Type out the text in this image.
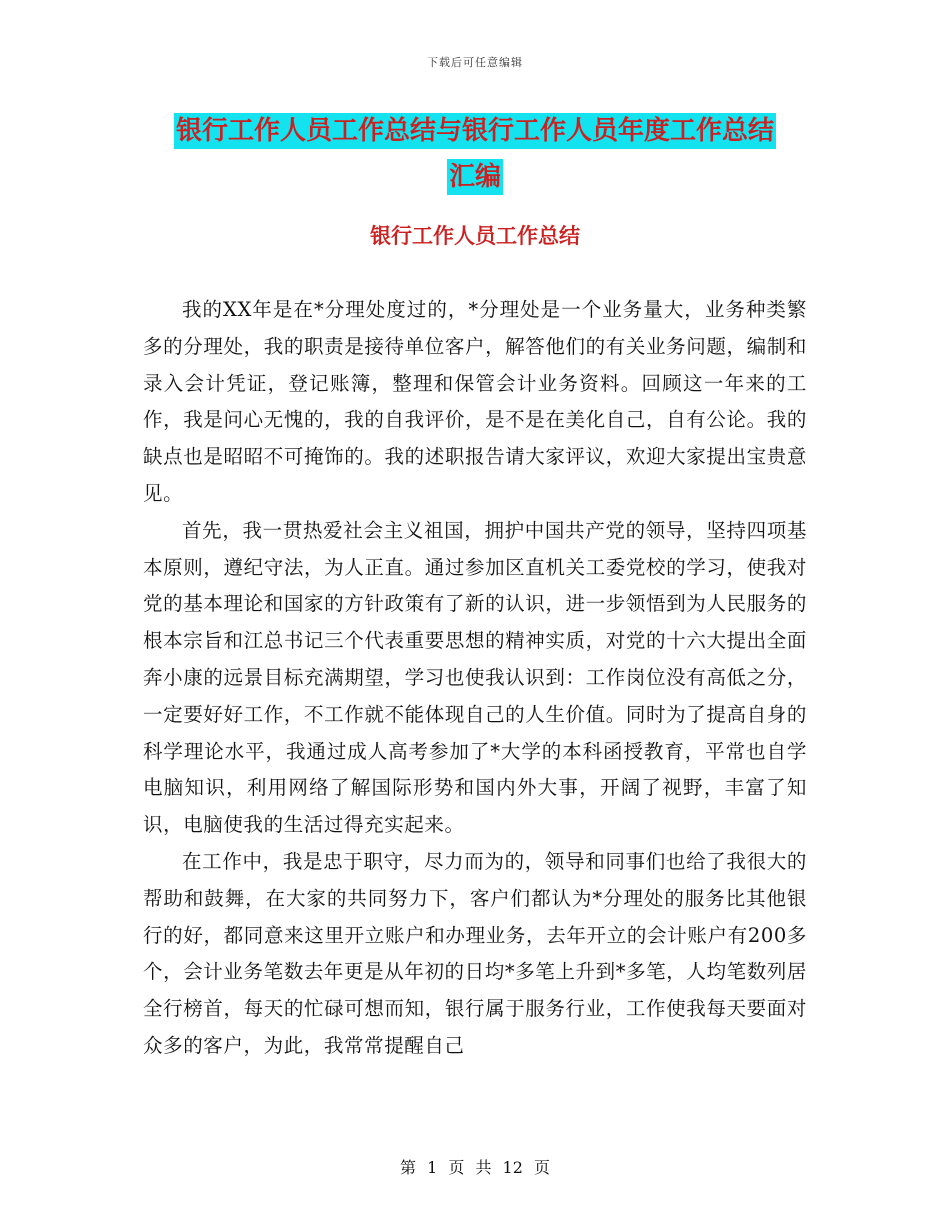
下载后可任意编辑
银行工作人员工作总结与银行工作人员年度工作总结
汇编
银行工作人员工作总结

我的XX年是在*分理处度过的，*分理处是一个业务量大，业务种类繁多的分理处，我的职责是接待单位客户，解答他们的有关业务问题，编制和录入会计凭证，登记账簿，整理和保管会计业务资料。回顾这一年来的工作，我是问心无愧的，我的自我评价，是不是在美化自己，自有公论。我的缺点也是昭昭不可掩饰的。我的述职报告请大家评议，欢迎大家提出宝贵意见。

首先，我一贯热爱社会主义祖国，拥护中国共产党的领导，坚持四项基本原则，遵纪守法，为人正直。通过参加区直机关工委党校的学习，使我对党的基本理论和国家的方针政策有了新的认识，进一步领悟到为人民服务的根本宗旨和江总书记三个代表重要思想的精神实质，对党的十六大提出全面奔小康的远景目标充满期望，学习也使我认识到：工作岗位没有高低之分，一定要好好工作，不工作就不能体现自己的人生价值。同时为了提高自身的科学理论水平，我通过成人高考参加了*大学的本科函授教育，平常也自学电脑知识，利用网络了解国际形势和国内外大事，开阔了视野，丰富了知识，电脑使我的生活过得充实起来。

在工作中，我是忠于职守，尽力而为的，领导和同事们也给了我很大的帮助和鼓舞，在大家的共同努力下，客户们都认为*分理处的服务比其他银行的好，都同意来这里开立账户和办理业务，去年开立的会计账户有200多个，会计业务笔数去年更是从年初的日均*多笔上升到*多笔，人均笔数列居全行榜首，每天的忙碌可想而知，银行属于服务行业，工作使我每天要面对众多的客户，为此，我常常提醒自己

第 1 页 共 12 页
